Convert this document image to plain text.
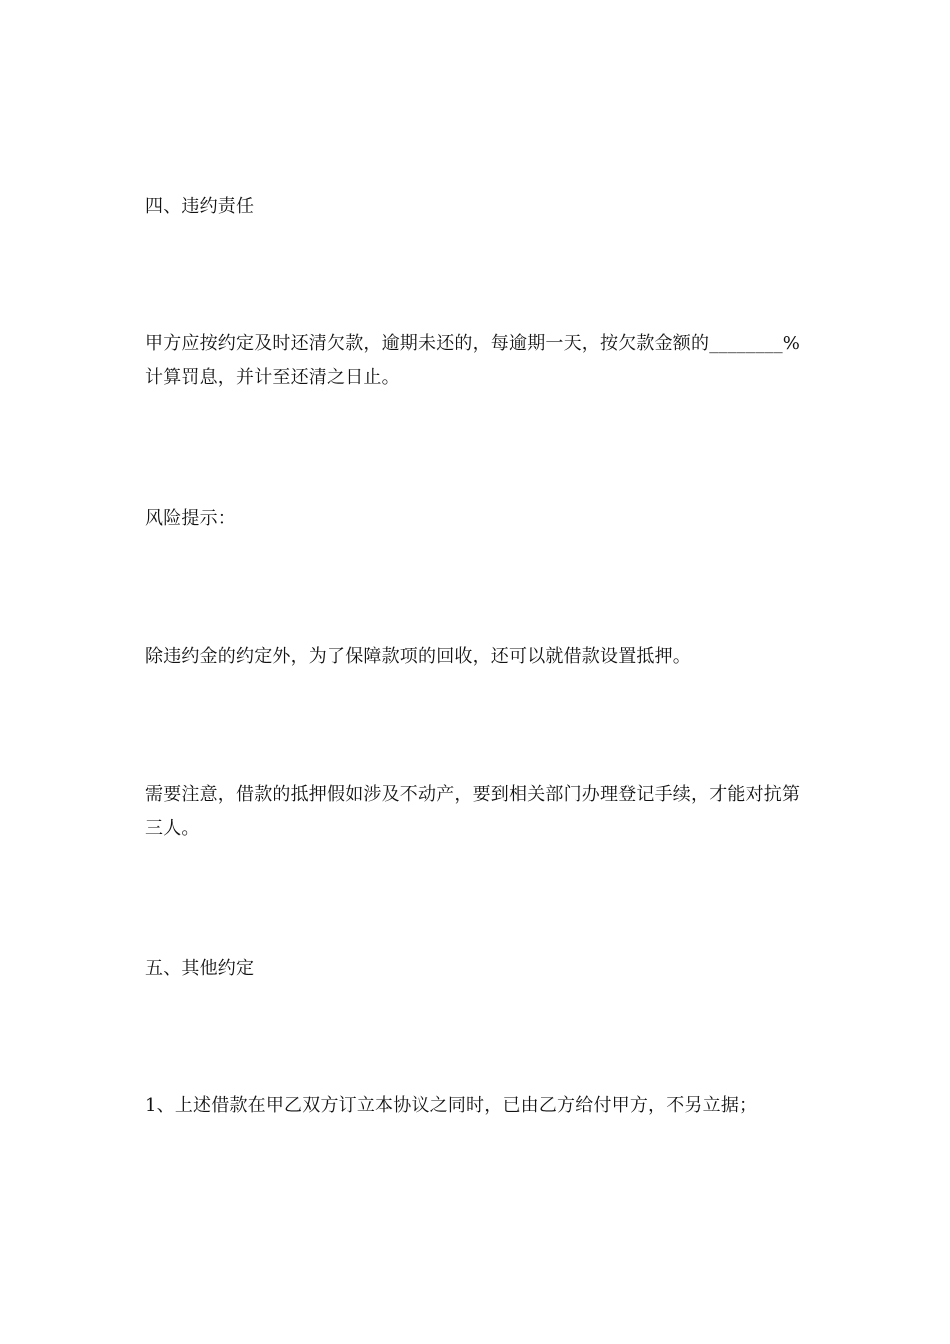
四、违约责任

甲方应按约定及时还清欠款，逾期未还的，每逾期一天，按欠款金额的________%计算罚息，并计至还清之日止。

风险提示：

除违约金的约定外，为了保障款项的回收，还可以就借款设置抵押。

需要注意，借款的抵押假如涉及不动产，要到相关部门办理登记手续，才能对抗第三人。

五、其他约定

1、上述借款在甲乙双方订立本协议之同时，已由乙方给付甲方，不另立据；
